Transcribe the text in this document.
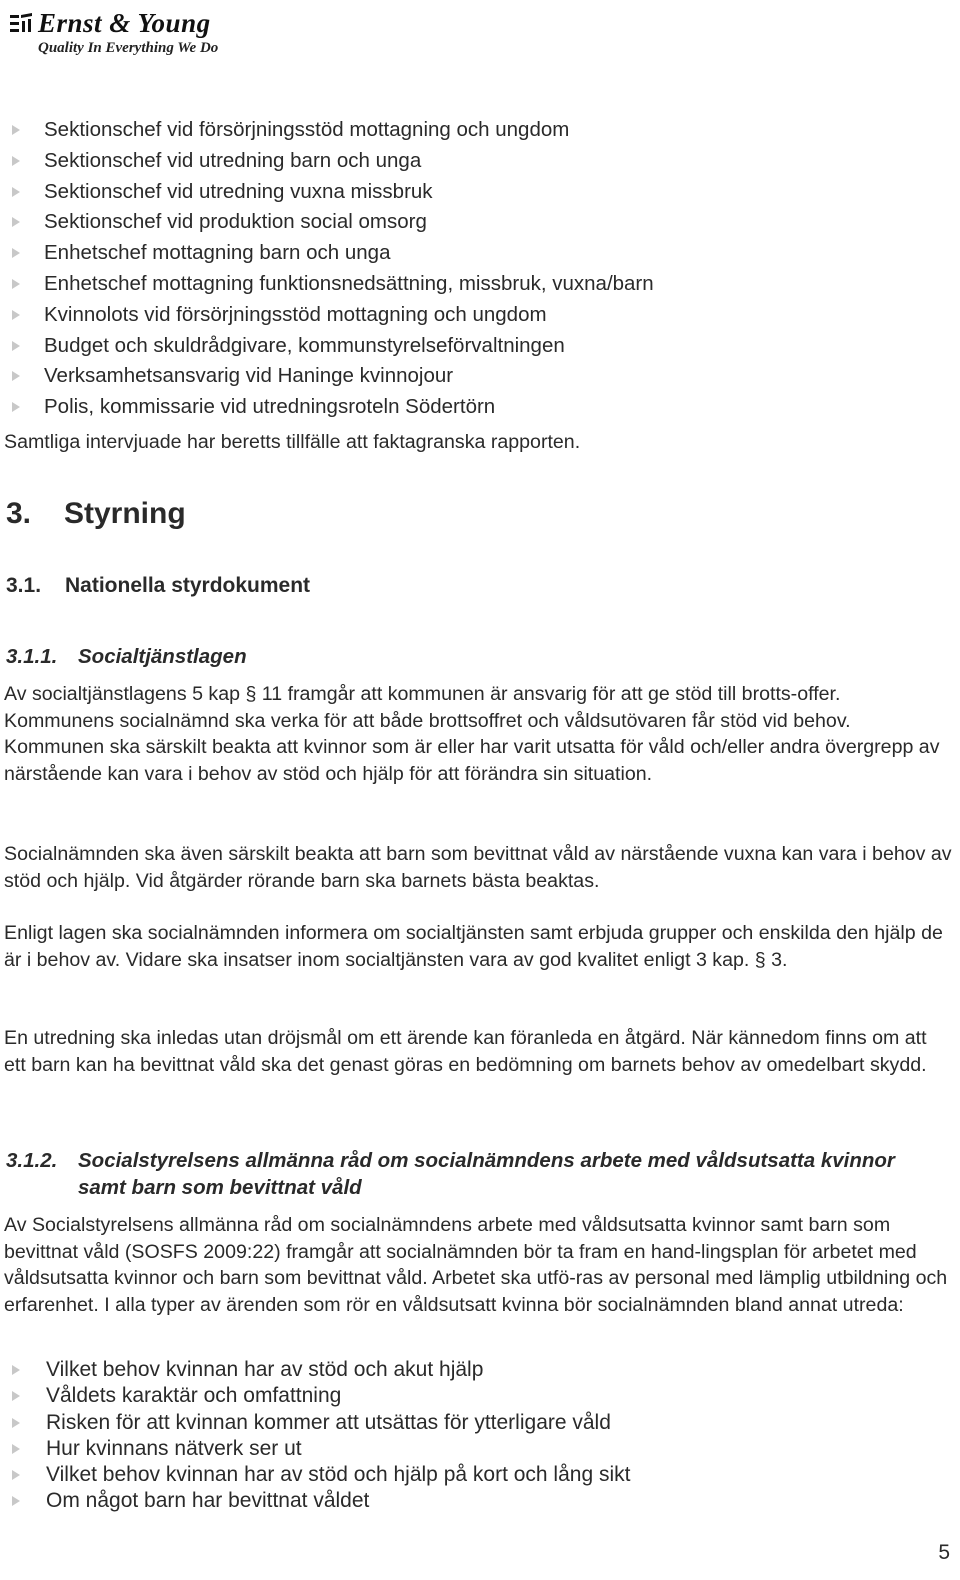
Ernst & Young
Quality In Everything We Do
Sektionschef vid försörjningsstöd mottagning och ungdom
Sektionschef vid utredning barn och unga
Sektionschef vid utredning vuxna missbruk
Sektionschef vid produktion social omsorg
Enhetschef mottagning barn och unga
Enhetschef mottagning funktionsnedsättning, missbruk, vuxna/barn
Kvinnolots vid försörjningsstöd mottagning och ungdom
Budget och skuldrådgivare, kommunstyrelseförvaltningen
Verksamhetsansvarig vid Haninge kvinnojour
Polis, kommissarie vid utredningsroteln Södertörn

Samtliga intervjuade har beretts tillfälle att faktagranska rapporten.

3. Styrning
3.1. Nationella styrdokument
3.1.1. Socialtjänstlagen

Av socialtjänstlagens 5 kap § 11 framgår att kommunen är ansvarig för att ge stöd till brotts-offer. Kommunens socialnämnd ska verka för att både brottsoffret och våldsutövaren får stöd vid behov. Kommunen ska särskilt beakta att kvinnor som är eller har varit utsatta för våld och/eller andra övergrepp av närstående kan vara i behov av stöd och hjälp för att förändra sin situation.

Socialnämnden ska även särskilt beakta att barn som bevittnat våld av närstående vuxna kan vara i behov av stöd och hjälp. Vid åtgärder rörande barn ska barnets bästa beaktas.

Enligt lagen ska socialnämnden informera om socialtjänsten samt erbjuda grupper och enskilda den hjälp de är i behov av. Vidare ska insatser inom socialtjänsten vara av god kvalitet enligt 3 kap. § 3.

En utredning ska inledas utan dröjsmål om ett ärende kan föranleda en åtgärd. När kännedom finns om att ett barn kan ha bevittnat våld ska det genast göras en bedömning om barnets behov av omedelbart skydd.

3.1.2. Socialstyrelsens allmänna råd om socialnämndens arbete med våldsutsatta kvinnor samt barn som bevittnat våld

Av Socialstyrelsens allmänna råd om socialnämndens arbete med våldsutsatta kvinnor samt barn som bevittnat våld (SOSFS 2009:22) framgår att socialnämnden bör ta fram en hand-lingsplan för arbetet med våldsutsatta kvinnor och barn som bevittnat våld. Arbetet ska utfö-ras av personal med lämplig utbildning och erfarenhet. I alla typer av ärenden som rör en våldsutsatt kvinna bör socialnämnden bland annat utreda:

Vilket behov kvinnan har av stöd och akut hjälp
Våldets karaktär och omfattning
Risken för att kvinnan kommer att utsättas för ytterligare våld
Hur kvinnans nätverk ser ut
Vilket behov kvinnan har av stöd och hjälp på kort och lång sikt
Om något barn har bevittnat våldet
5
